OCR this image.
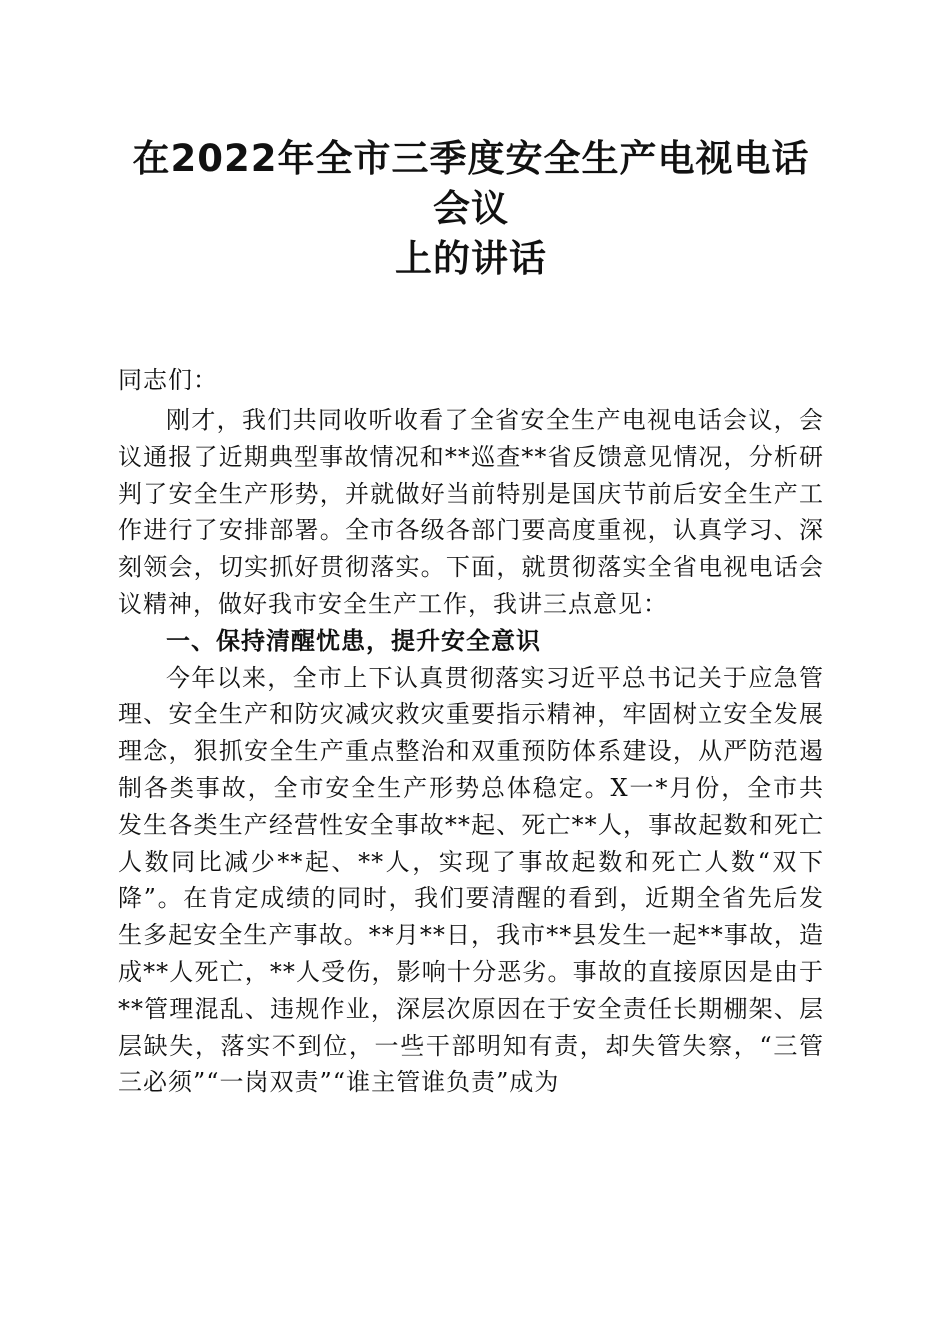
在2022年全市三季度安全生产电视电话会议
上的讲话

同志们：

刚才，我们共同收听收看了全省安全生产电视电话会议，会议通报了近期典型事故情况和**巡查**省反馈意见情况，分析研判了安全生产形势，并就做好当前特别是国庆节前后安全生产工作进行了安排部署。全市各级各部门要高度重视，认真学习、深刻领会，切实抓好贯彻落实。下面，就贯彻落实全省电视电话会议精神，做好我市安全生产工作，我讲三点意见：

一、保持清醒忧患，提升安全意识

今年以来，全市上下认真贯彻落实习近平总书记关于应急管理、安全生产和防灾减灾救灾重要指示精神，牢固树立安全发展理念，狠抓安全生产重点整治和双重预防体系建设，从严防范遏制各类事故，全市安全生产形势总体稳定。X一*月份，全市共发生各类生产经营性安全事故**起、死亡**人，事故起数和死亡人数同比减少**起、**人，实现了事故起数和死亡人数“双下降”。在肯定成绩的同时，我们要清醒的看到，近期全省先后发生多起安全生产事故。**月**日，我市**县发生一起**事故，造成**人死亡，**人受伤，影响十分恶劣。事故的直接原因是由于**管理混乱、违规作业，深层次原因在于安全责任长期棚架、层层缺失，落实不到位，一些干部明知有责，却失管失察，“三管三必须”“一岗双责”“谁主管谁负责”成为
